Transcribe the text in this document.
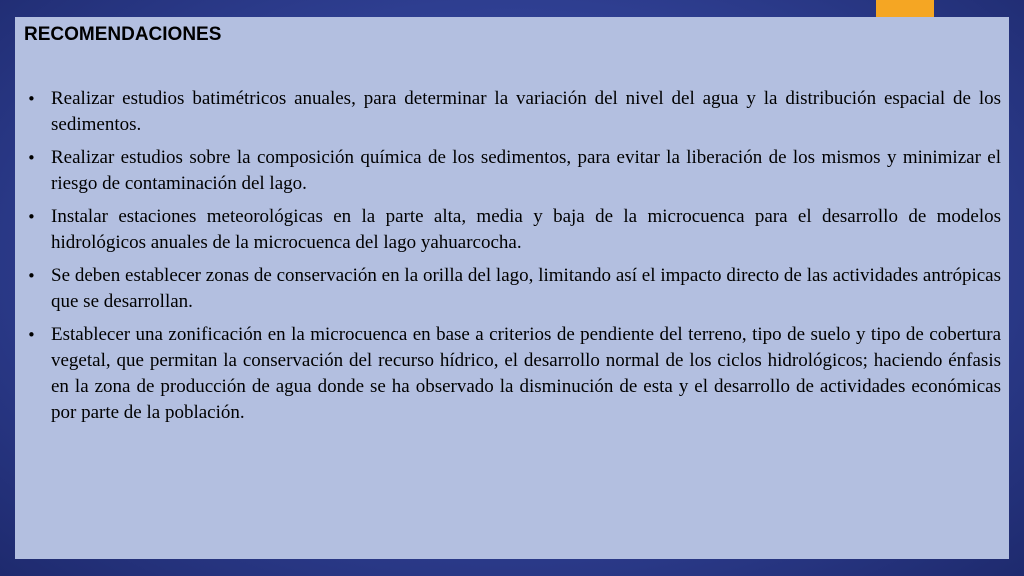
RECOMENDACIONES
• Realizar estudios batimétricos anuales, para determinar la variación del nivel del agua y la distribución espacial de los sedimentos.
• Realizar estudios sobre la composición química de los sedimentos, para evitar la liberación de los mismos y minimizar el riesgo de contaminación del lago.
• Instalar estaciones meteorológicas en la parte alta, media y baja de la microcuenca para el desarrollo de modelos hidrológicos anuales de la microcuenca del lago yahuarcocha.
• Se deben establecer zonas de conservación en la orilla del lago, limitando así el impacto directo de las actividades antrópicas que se desarrollan.
• Establecer una zonificación en la microcuenca en base a criterios de pendiente del terreno, tipo de suelo y tipo de cobertura vegetal, que permitan la conservación del recurso hídrico, el desarrollo normal de los ciclos hidrológicos; haciendo énfasis en la zona de producción de agua donde se ha observado la disminución de esta y el desarrollo de actividades económicas por parte de la población.
